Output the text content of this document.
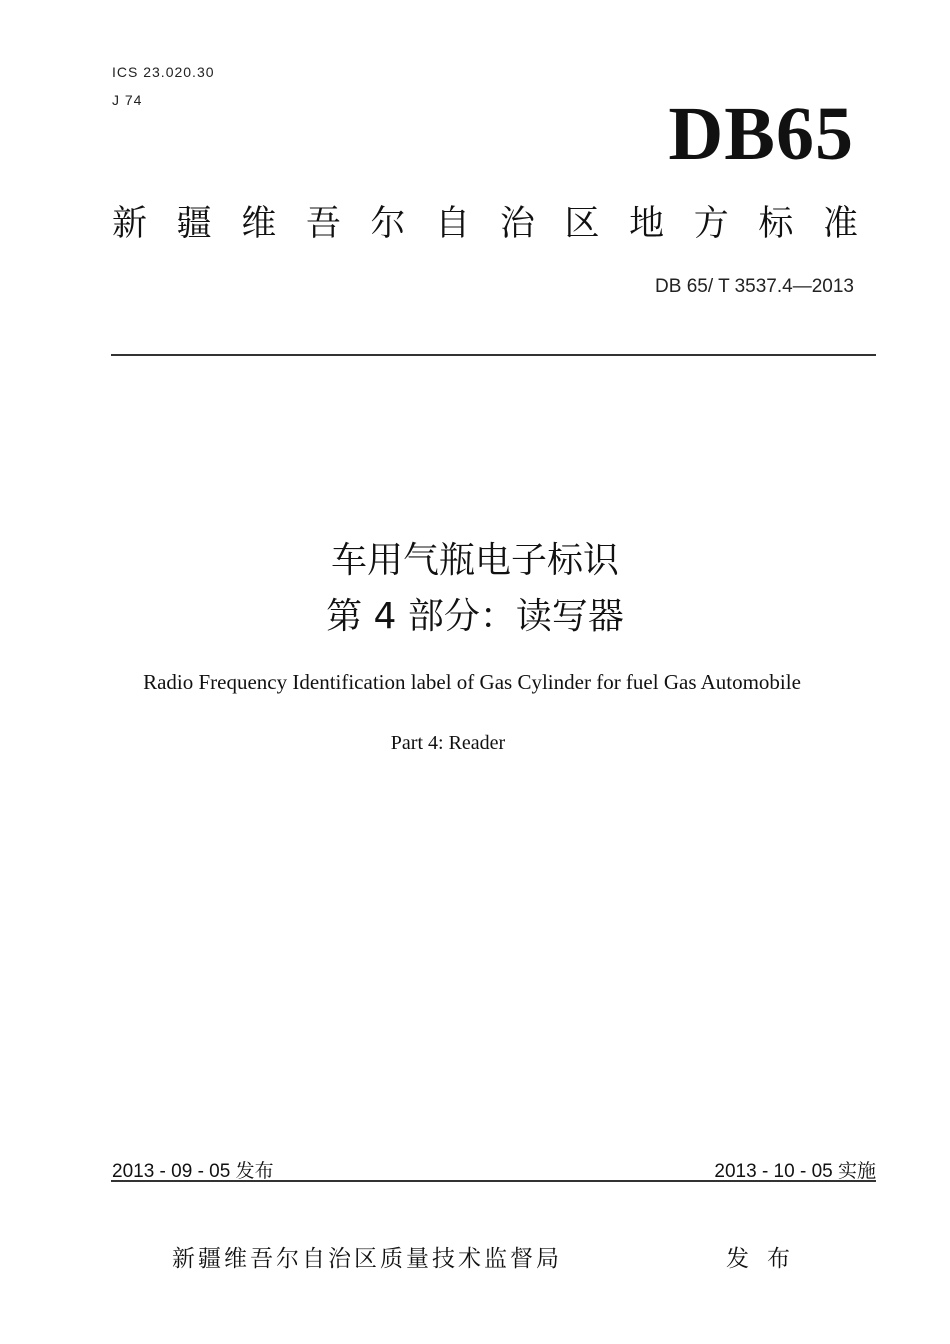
ICS 23.020.30
J 74	DB65
新 疆 维 吾 尔 自 治 区 地 方 标 准
DB 65/ T 3537.4—2013
车用气瓶电子标识
第 4 部分：读写器
Radio Frequency Identification label of Gas Cylinder for fuel Gas Automobile
Part 4: Reader
2013 - 09 - 05 发布	2013 - 10 - 05 实施
新疆维吾尔自治区质量技术监督局	发布
